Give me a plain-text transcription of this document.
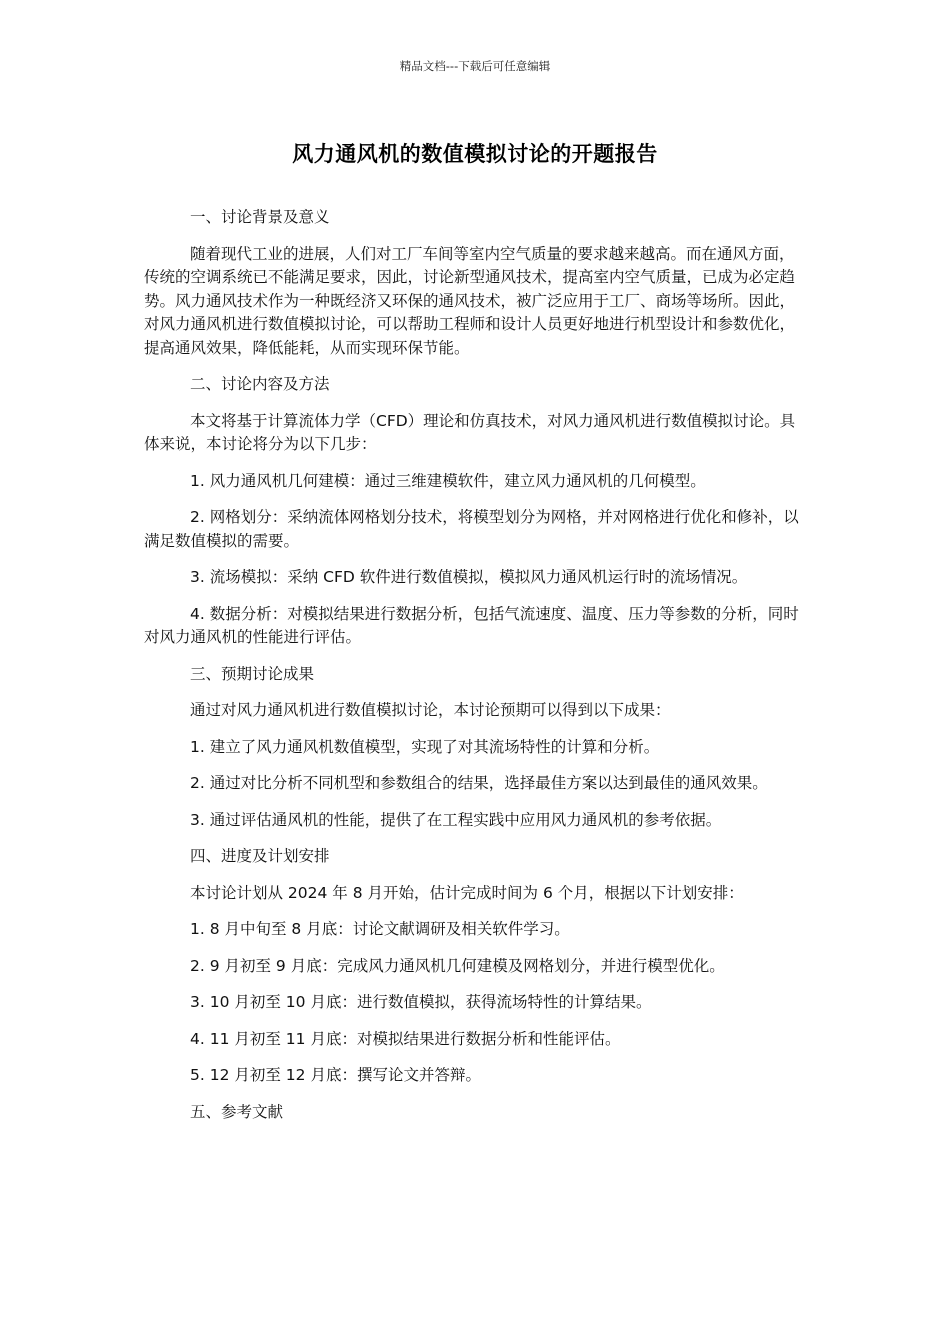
精品文档---下载后可任意编辑
风力通风机的数值模拟讨论的开题报告

一、讨论背景及意义

随着现代工业的进展，人们对工厂车间等室内空气质量的要求越来越高。而在通风方面，传统的空调系统已不能满足要求，因此，讨论新型通风技术，提高室内空气质量，已成为必定趋势。风力通风技术作为一种既经济又环保的通风技术，被广泛应用于工厂、商场等场所。因此，对风力通风机进行数值模拟讨论，可以帮助工程师和设计人员更好地进行机型设计和参数优化，提高通风效果，降低能耗，从而实现环保节能。

二、讨论内容及方法

本文将基于计算流体力学（CFD）理论和仿真技术，对风力通风机进行数值模拟讨论。具体来说，本讨论将分为以下几步：

1. 风力通风机几何建模：通过三维建模软件，建立风力通风机的几何模型。

2. 网格划分：采纳流体网格划分技术，将模型划分为网格，并对网格进行优化和修补，以满足数值模拟的需要。

3. 流场模拟：采纳 CFD 软件进行数值模拟，模拟风力通风机运行时的流场情况。

4. 数据分析：对模拟结果进行数据分析，包括气流速度、温度、压力等参数的分析，同时对风力通风机的性能进行评估。

三、预期讨论成果

通过对风力通风机进行数值模拟讨论，本讨论预期可以得到以下成果：

1. 建立了风力通风机数值模型，实现了对其流场特性的计算和分析。

2. 通过对比分析不同机型和参数组合的结果，选择最佳方案以达到最佳的通风效果。

3. 通过评估通风机的性能，提供了在工程实践中应用风力通风机的参考依据。

四、进度及计划安排

本讨论计划从 2024 年 8 月开始，估计完成时间为 6 个月，根据以下计划安排：

1. 8 月中旬至 8 月底：讨论文献调研及相关软件学习。

2. 9 月初至 9 月底：完成风力通风机几何建模及网格划分，并进行模型优化。

3. 10 月初至 10 月底：进行数值模拟，获得流场特性的计算结果。

4. 11 月初至 11 月底：对模拟结果进行数据分析和性能评估。

5. 12 月初至 12 月底：撰写论文并答辩。

五、参考文献
